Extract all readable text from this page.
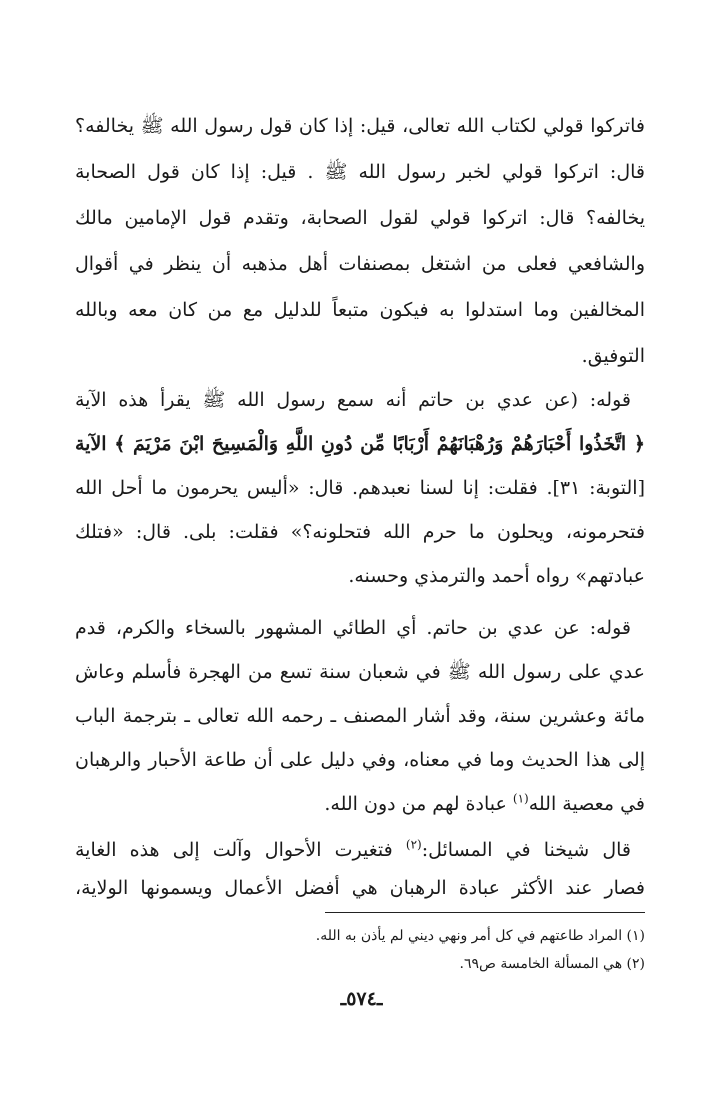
فاتركوا قولي لكتاب الله تعالى، قيل: إذا كان قول رسول الله ﷺ يخالفه؟
قال: اتركوا قولي لخبر رسول الله ﷺ . قيل: إذا كان قول الصحابة
يخالفه؟ قال: اتركوا قولي لقول الصحابة، وتقدم قول الإمامين مالك
والشافعي فعلى من اشتغل بمصنفات أهل مذهبه أن ينظر في أقوال
المخالفين وما استدلوا به فيكون متبعاً للدليل مع من كان معه وبالله
التوفيق.
قوله: (عن عدي بن حاتم أنه سمع رسول الله ﷺ يقرأ هذه الآية
﴿ اتَّخَذُوا أَحْبَارَهُمْ وَرُهْبَانَهُمْ أَرْبَابًا مِّن دُونِ اللَّهِ وَالْمَسِيحَ ابْنَ مَرْيَمَ ﴾ الآية
[التوبة: ٣١]. فقلت: إنا لسنا نعبدهم. قال: «أليس يحرمون ما أحل الله
فتحرمونه، ويحلون ما حرم الله فتحلونه؟» فقلت: بلى. قال: «فتلك
عبادتهم» رواه أحمد والترمذي وحسنه.
قوله: عن عدي بن حاتم. أي الطائي المشهور بالسخاء والكرم، قدم
عدي على رسول الله ﷺ في شعبان سنة تسع من الهجرة فأسلم وعاش
مائة وعشرين سنة، وقد أشار المصنف ـ رحمه الله تعالى ـ بترجمة الباب
إلى هذا الحديث وما في معناه، وفي دليل على أن طاعة الأحبار والرهبان
في معصية الله$^{(١)}$ عبادة لهم من دون الله.
قال شيخنا في المسائل:$^{(٢)}$ فتغيرت الأحوال وآلت إلى هذه الغاية
فصار عند الأكثر عبادة الرهبان هي أفضل الأعمال ويسمونها الولاية،
(١) المراد طاعتهم في كل أمر ونهي ديني لم يأذن به الله.
(٢) هي المسألة الخامسة ص٦٩.
ـ٥٧٤ـ
